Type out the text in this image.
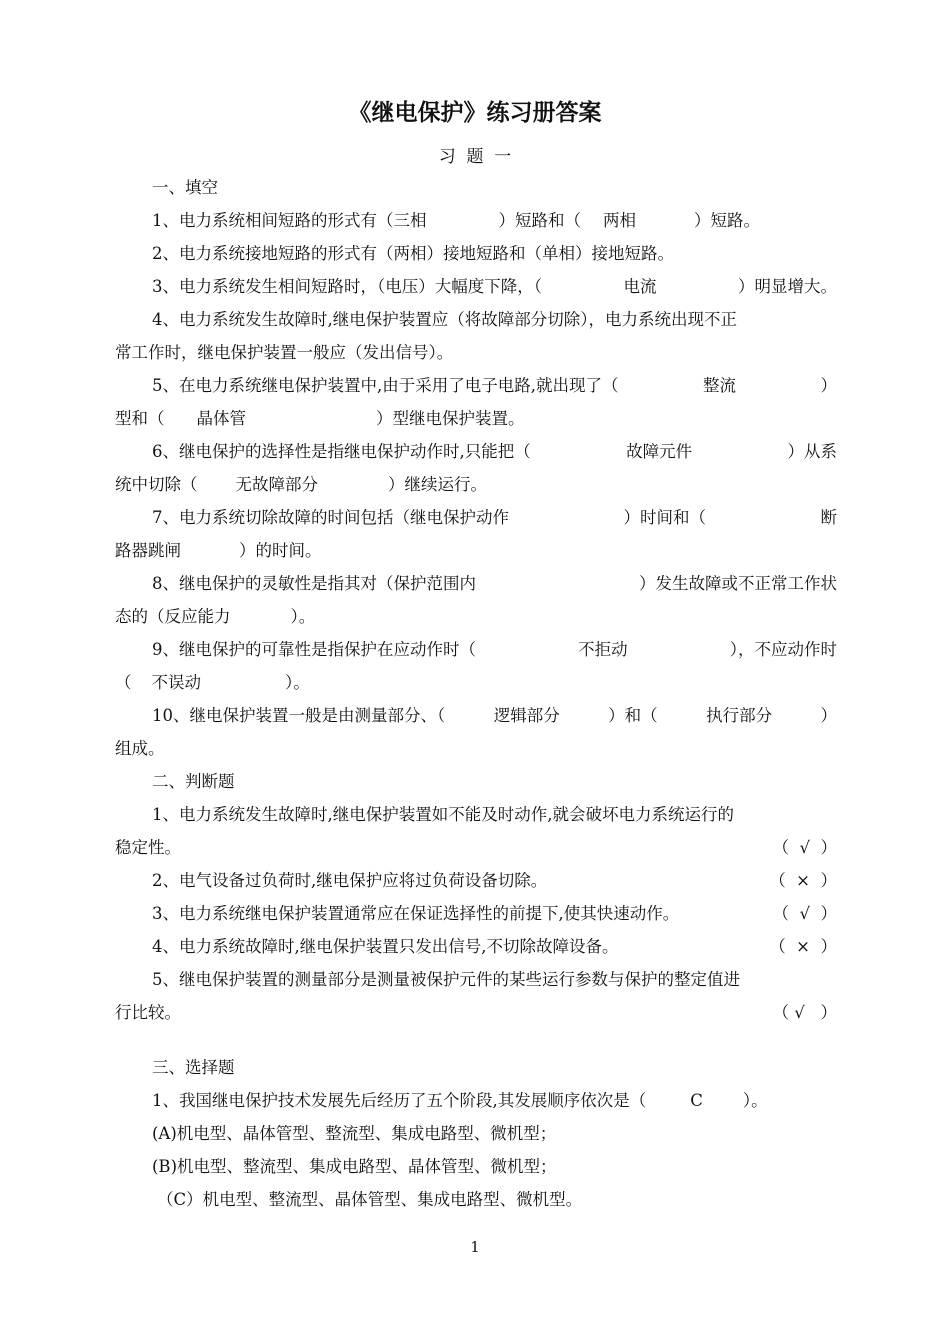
《继电保护》练习册答案
习  题  一
一、填空
1、电力系统相间短路的形式有（三相	）短路和（ 两相	）短路。
2、电力系统接地短路的形式有（两相）接地短路和（单相）接地短路。
3、电力系统发生相间短路时，（电压）大幅度下降，（	电流	）明显增大。
4、电力系统发生故障时,继电保护装置应（将故障部分切除），电力系统出现不正
常工作时，继电保护装置一般应（发出信号）。
5、在电力系统继电保护装置中,由于采用了电子电路,就出现了（	整流	）
型和（ 晶体管	）型继电保护装置。
6、继电保护的选择性是指继电保护动作时,只能把（	故障元件	）从系
统中切除（ 无故障部分	）继续运行。
7、电力系统切除故障的时间包括（继电保护动作	）时间和（	断
路器跳闸	）的时间。
8、继电保护的灵敏性是指其对（保护范围内	）发生故障或不正常工作状
态的（反应能力	）。
9、继电保护的可靠性是指保护在应动作时（	不拒动	），不应动作时
（ 不误动	）。
10、继电保护装置一般是由测量部分、（	逻辑部分	）和（	执行部分	）
组成。
二、判断题
1、电力系统发生故障时,继电保护装置如不能及时动作,就会破坏电力系统运行的
稳定性。	（  √  ）
2、电气设备过负荷时,继电保护应将过负荷设备切除。	（  ×  ）
3、电力系统继电保护装置通常应在保证选择性的前提下,使其快速动作。	（  √  ）
4、电力系统故障时,继电保护装置只发出信号,不切除故障设备。	（  ×  ）
5、继电保护装置的测量部分是测量被保护元件的某些运行参数与保护的整定值进
行比较。	（ √   ）
三、选择题
1、我国继电保护技术发展先后经历了五个阶段,其发展顺序依次是（	C ）。
(A)机电型、晶体管型、整流型、集成电路型、微机型；
(B)机电型、整流型、集成电路型、晶体管型、微机型；
（C）机电型、整流型、晶体管型、集成电路型、微机型。
1
